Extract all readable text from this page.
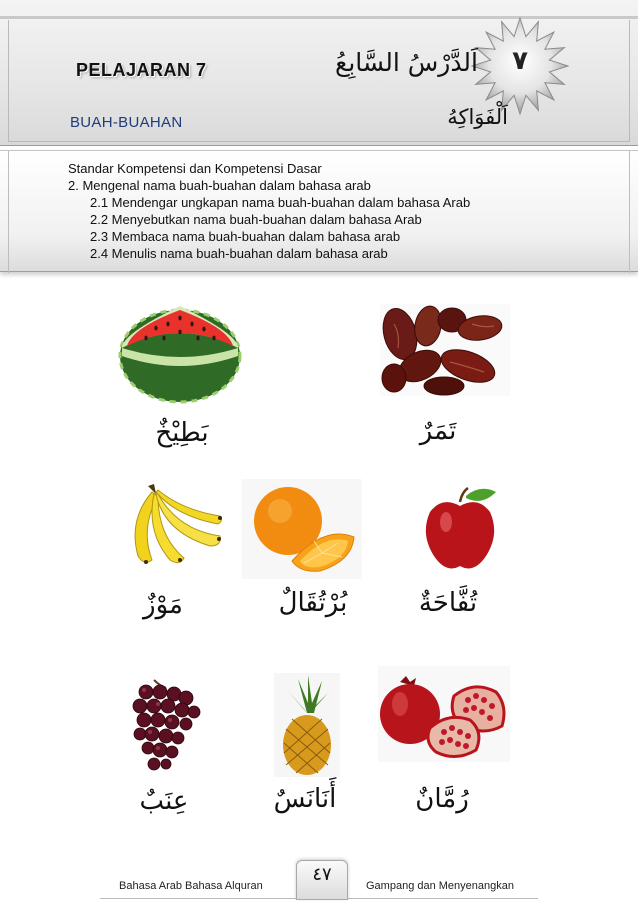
٧
PELAJARAN 7	اَلدَّرْسُ السَّابِعُ
BUAH-BUAHAN	اَلْفَوَاكِهُ
Standar Kompetensi dan Kompetensi Dasar
2. Mengenal nama buah-buahan dalam bahasa arab
2.1 Mendengar ungkapan nama buah-buahan dalam bahasa Arab
2.2 Menyebutkan nama buah-buahan dalam bahasa Arab
2.3 Membaca nama buah-buahan dalam bahasa arab
2.4 Menulis nama buah-buahan dalam bahasa arab
بَطِيْخٌ	تَمَرٌ
مَوْزٌ	بُرْتُقَالٌ	تُفَّاحَةٌ
عِنَبٌ	أَنَانَسٌ	رُمَّانٌ
٤٧
Bahasa Arab Bahasa Alquran	Gampang dan Menyenangkan
